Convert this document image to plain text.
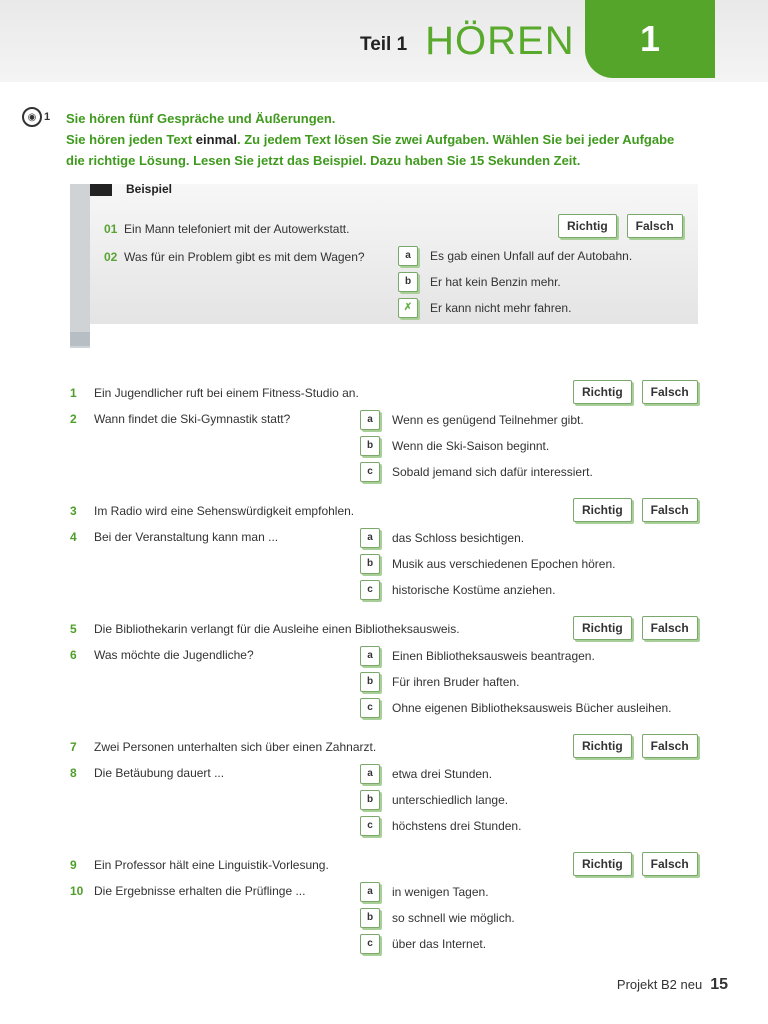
Teil 1 HÖREN 1
◉ 1 Sie hören fünf Gespräche und Äußerungen.
Sie hören jeden Text einmal. Zu jedem Text lösen Sie zwei Aufgaben. Wählen Sie bei jeder Aufgabe
die richtige Lösung. Lesen Sie jetzt das Beispiel. Dazu haben Sie 15 Sekunden Zeit.
Beispiel
01 Ein Mann telefoniert mit der Autowerkstatt.	Richtig	Falsch
02 Was für ein Problem gibt es mit dem Wagen?	a	Es gab einen Unfall auf der Autobahn.
b	Er hat kein Benzin mehr.
✗	Er kann nicht mehr fahren.
1 Ein Jugendlicher ruft bei einem Fitness-Studio an.	Richtig	Falsch
2 Wann findet die Ski-Gymnastik statt?	a	Wenn es genügend Teilnehmer gibt.
b	Wenn die Ski-Saison beginnt.
c	Sobald jemand sich dafür interessiert.
3 Im Radio wird eine Sehenswürdigkeit empfohlen.	Richtig	Falsch
4 Bei der Veranstaltung kann man ...	a	das Schloss besichtigen.
b	Musik aus verschiedenen Epochen hören.
c	historische Kostüme anziehen.
5 Die Bibliothekarin verlangt für die Ausleihe einen Bibliotheksausweis.	Richtig	Falsch
6 Was möchte die Jugendliche?	a	Einen Bibliotheksausweis beantragen.
b	Für ihren Bruder haften.
c	Ohne eigenen Bibliotheksausweis Bücher ausleihen.
7 Zwei Personen unterhalten sich über einen Zahnarzt.	Richtig	Falsch
8 Die Betäubung dauert ...	a	etwa drei Stunden.
b	unterschiedlich lange.
c	höchstens drei Stunden.
9 Ein Professor hält eine Linguistik-Vorlesung.	Richtig	Falsch
10 Die Ergebnisse erhalten die Prüflinge ...	a	in wenigen Tagen.
b	so schnell wie möglich.
c	über das Internet.
Projekt B2 neu 15
